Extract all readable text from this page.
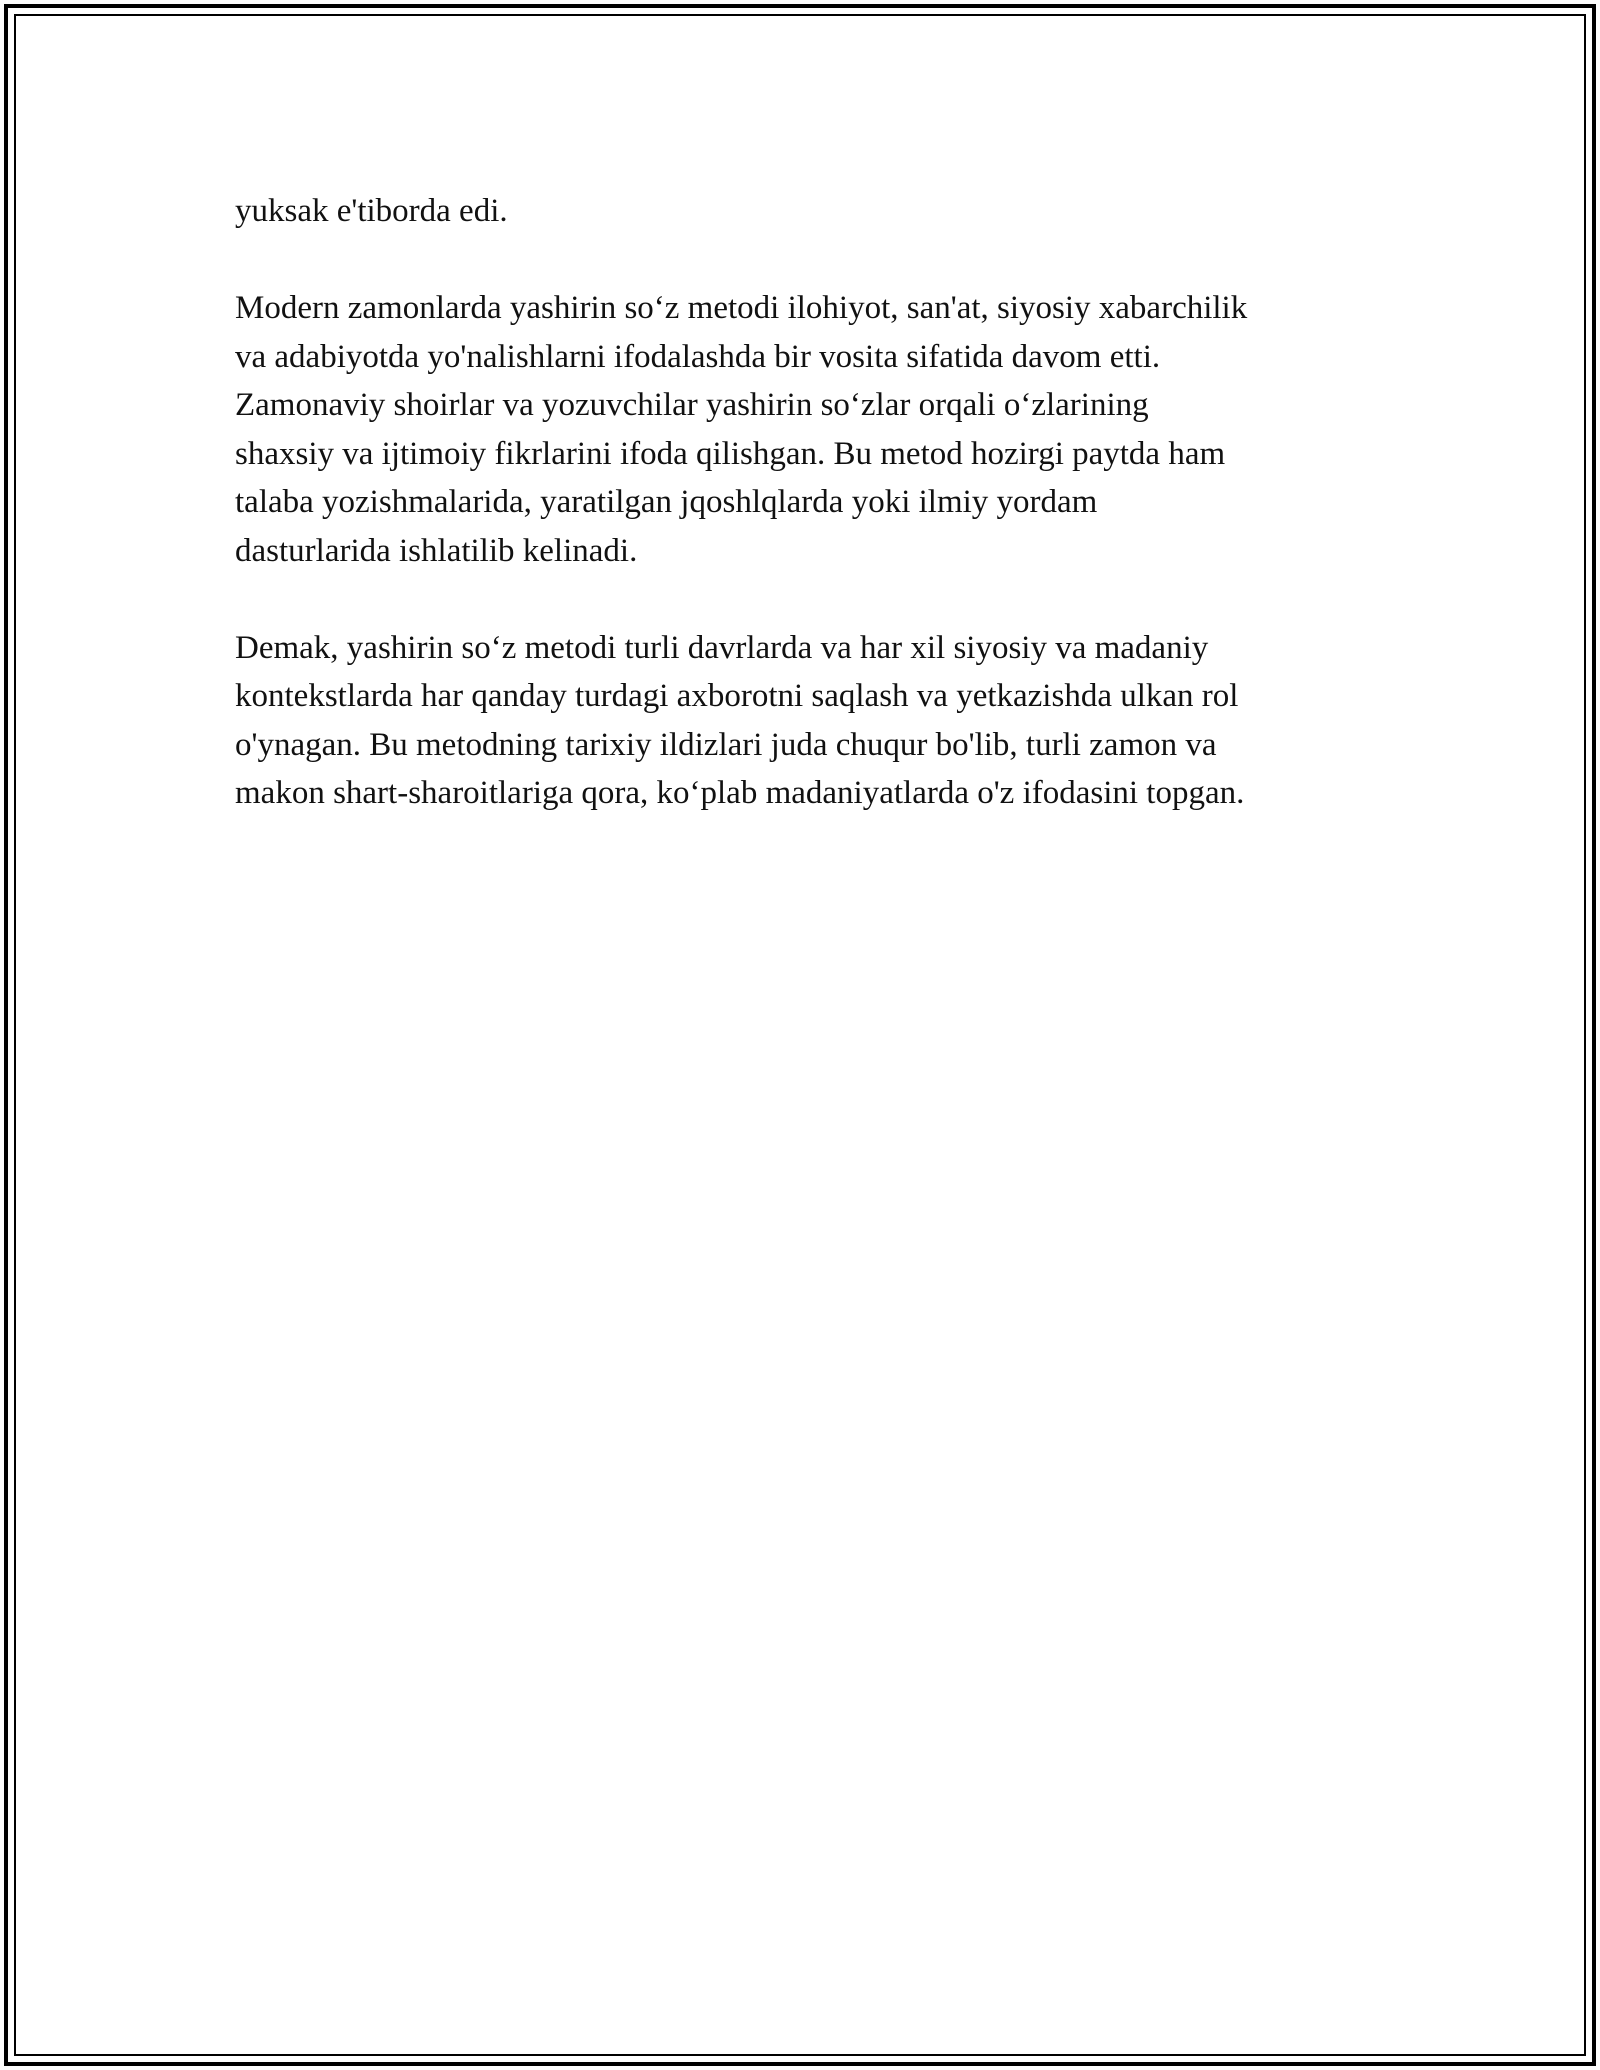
yuksak e'tiborda edi.

Modern zamonlarda yashirin so‘z metodi ilohiyot, san'at, siyosiy xabarchilik
va adabiyotda yo'nalishlarni ifodalashda bir vosita sifatida davom etti.
Zamonaviy shoirlar va yozuvchilar yashirin so‘zlar orqali o‘zlarining
shaxsiy va ijtimoiy fikrlarini ifoda qilishgan. Bu metod hozirgi paytda ham
talaba yozishmalarida, yaratilgan jqoshlqlarda yoki ilmiy yordam
dasturlarida ishlatilib kelinadi.

Demak, yashirin so‘z metodi turli davrlarda va har xil siyosiy va madaniy
kontekstlarda har qanday turdagi axborotni saqlash va yetkazishda ulkan rol
o'ynagan. Bu metodning tarixiy ildizlari juda chuqur bo'lib, turli zamon va
makon shart-sharoitlariga qora, ko‘plab madaniyatlarda o'z ifodasini topgan.
